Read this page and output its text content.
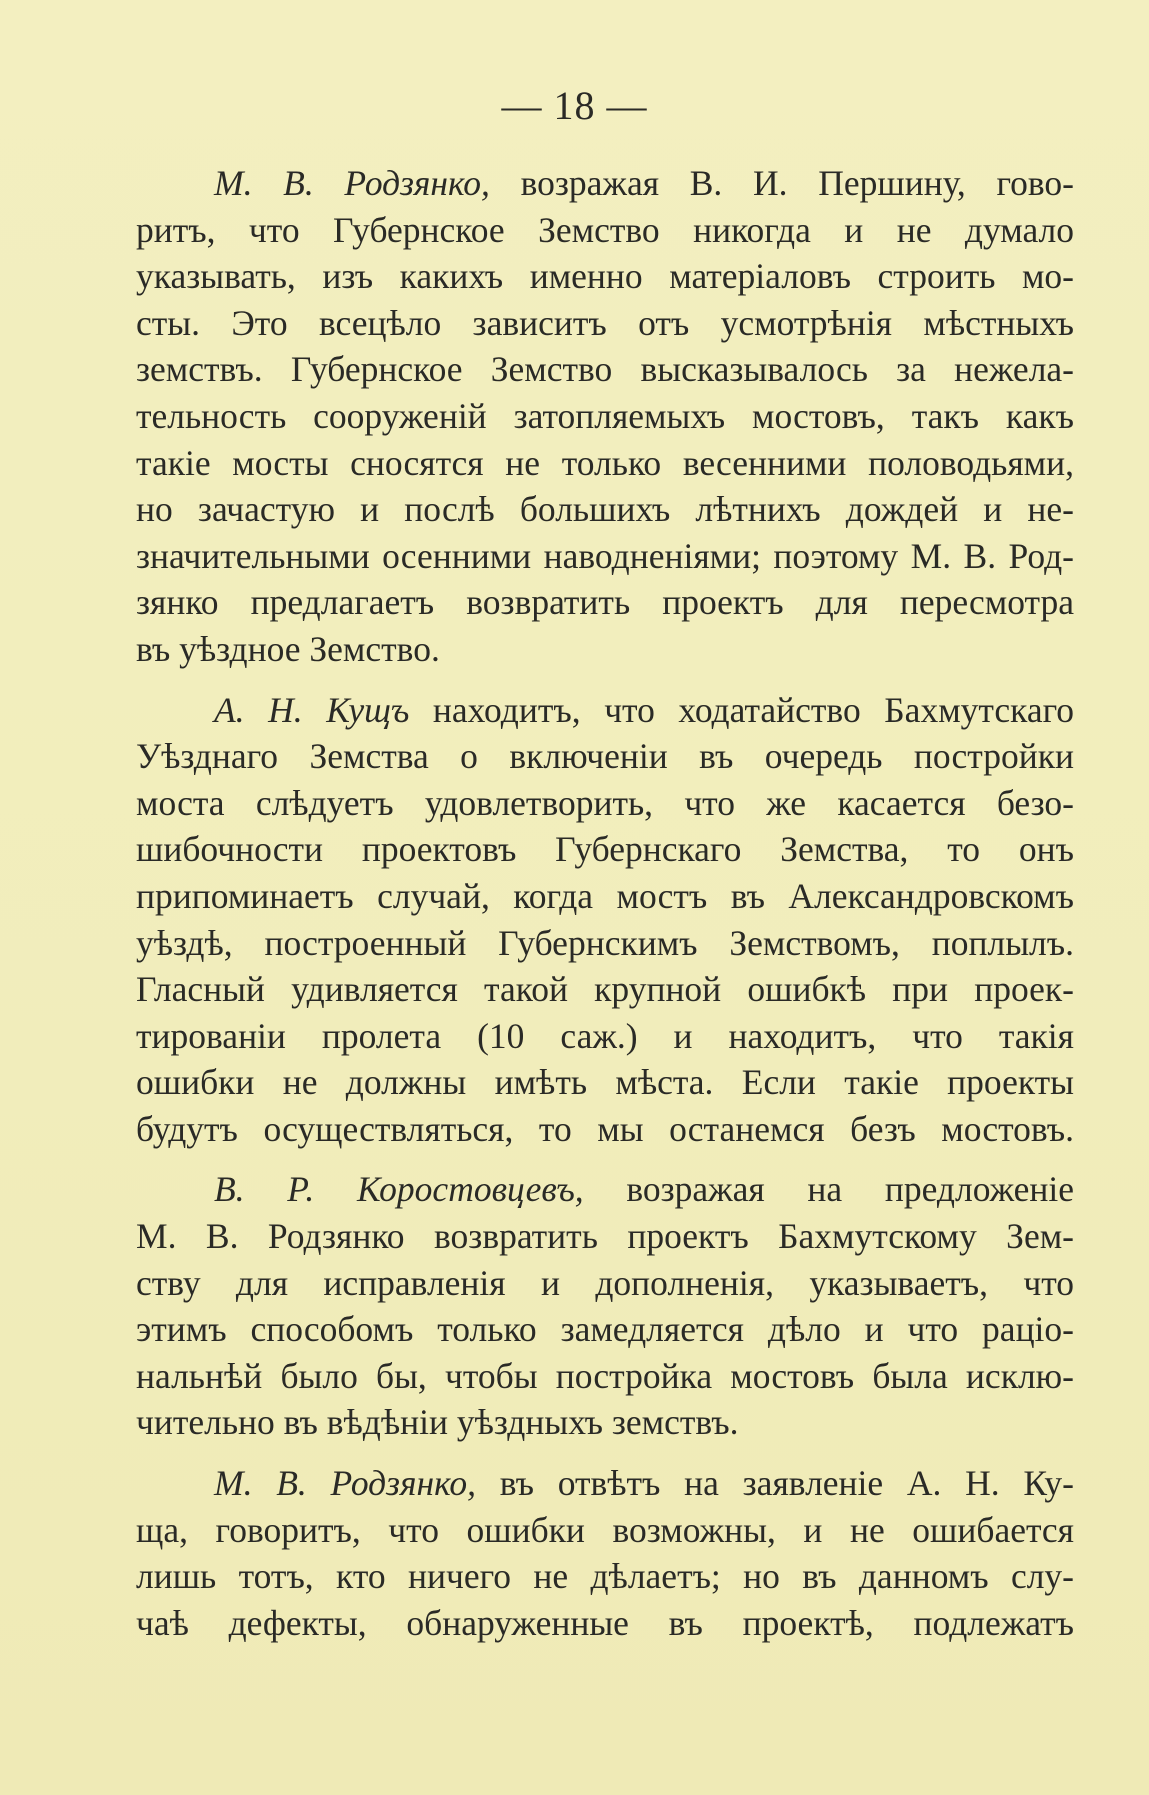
— 18 —
М. В. Родзянко, возражая В. И. Першину, гово-
ритъ, что Губернское Земство никогда и не думало
указывать, изъ какихъ именно матеріаловъ строить мо-
сты. Это всецѣло зависитъ отъ усмотрѣнія мѣстныхъ
земствъ. Губернское Земство высказывалось за нежела-
тельность сооруженій затопляемыхъ мостовъ, такъ какъ
такіе мосты сносятся не только весенними половодьями,
но зачастую и послѣ большихъ лѣтнихъ дождей и не-
значительными осенними наводненіями; поэтому М. В. Род-
зянко предлагаетъ возвратить проектъ для пересмотра
въ уѣздное Земство.
А. Н. Кущъ находитъ, что ходатайство Бахмутскаго
Уѣзднаго Земства о включеніи въ очередь постройки
моста слѣдуетъ удовлетворить, что же касается безо-
шибочности проектовъ Губернскаго Земства, то онъ
припоминаетъ случай, когда мостъ въ Александровскомъ
уѣздѣ, построенный Губернскимъ Земствомъ, поплылъ.
Гласный удивляется такой крупной ошибкѣ при проек-
тированіи пролета (10 саж.) и находитъ, что такія
ошибки не должны имѣть мѣста. Если такіе проекты
будутъ осуществляться, то мы останемся безъ мостовъ.
В. Р. Коростовцевъ, возражая на предложеніе
М. В. Родзянко возвратить проектъ Бахмутскому Зем-
ству для исправленія и дополненія, указываетъ, что
этимъ способомъ только замедляется дѣло и что раціо-
нальнѣй было бы, чтобы постройка мостовъ была исклю-
чительно въ вѣдѣніи уѣздныхъ земствъ.
М. В. Родзянко, въ отвѣтъ на заявленіе А. Н. Ку-
ща, говоритъ, что ошибки возможны, и не ошибается
лишь тотъ, кто ничего не дѣлаетъ; но въ данномъ слу-
чаѣ дефекты, обнаруженные въ проектѣ, подлежатъ
